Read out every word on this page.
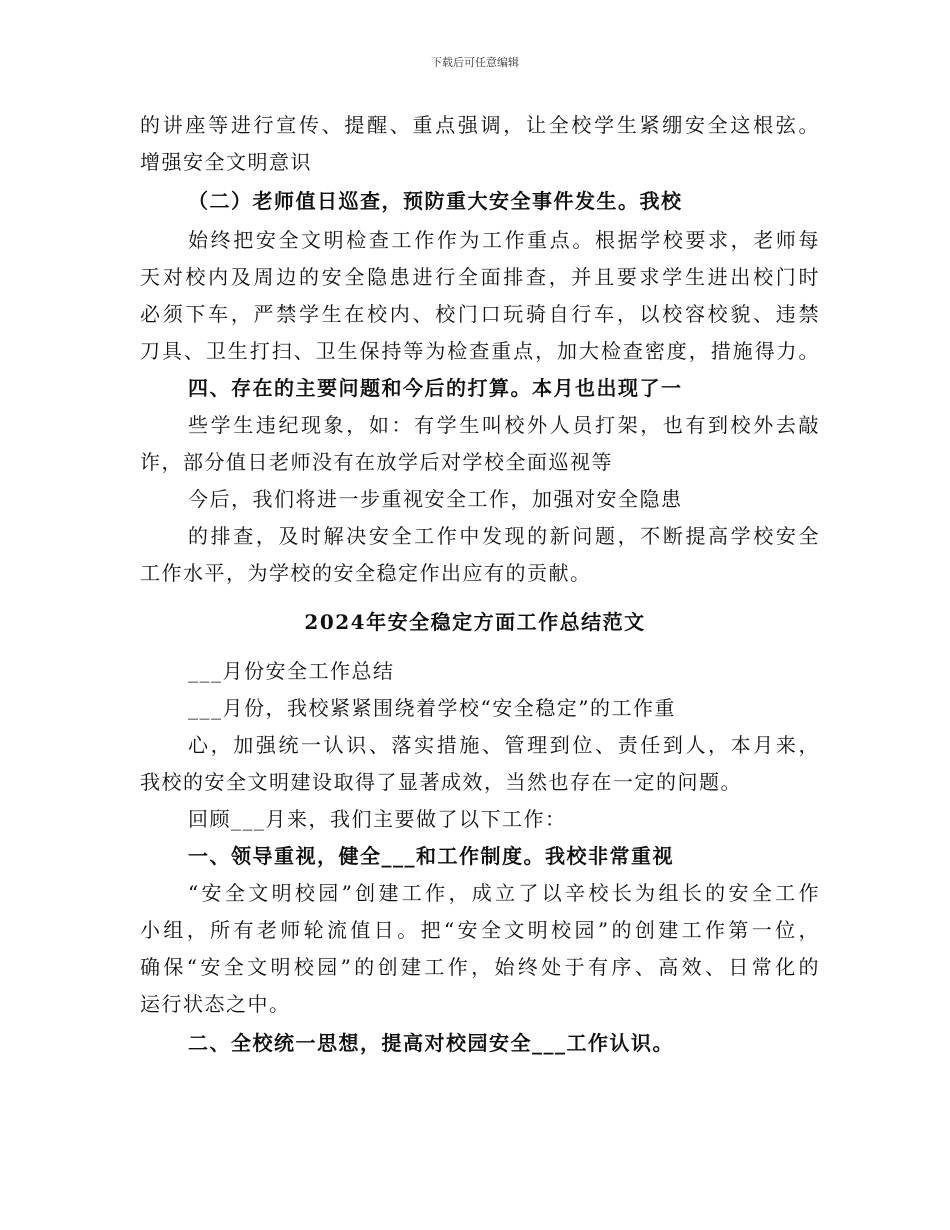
下载后可任意编辑
的讲座等进行宣传、提醒、重点强调，让全校学生紧绷安全这根弦。
增强安全文明意识
（二）老师值日巡查，预防重大安全事件发生。我校
始终把安全文明检查工作作为工作重点。根据学校要求，老师每
天对校内及周边的安全隐患进行全面排查，并且要求学生进出校门时
必须下车，严禁学生在校内、校门口玩骑自行车，以校容校貌、违禁
刀具、卫生打扫、卫生保持等为检查重点，加大检查密度，措施得力。
四、存在的主要问题和今后的打算。本月也出现了一
些学生违纪现象，如：有学生叫校外人员打架，也有到校外去敲
诈，部分值日老师没有在放学后对学校全面巡视等
今后，我们将进一步重视安全工作，加强对安全隐患
的排查，及时解决安全工作中发现的新问题，不断提高学校安全
工作水平，为学校的安全稳定作出应有的贡献。
2024年安全稳定方面工作总结范文
___月份安全工作总结
___月份，我校紧紧围绕着学校“安全稳定”的工作重
心，加强统一认识、落实措施、管理到位、责任到人，本月来，
我校的安全文明建设取得了显著成效，当然也存在一定的问题。
回顾___月来，我们主要做了以下工作：
一、领导重视，健全___和工作制度。我校非常重视
“安全文明校园”创建工作，成立了以辛校长为组长的安全工作
小组，所有老师轮流值日。把“安全文明校园”的创建工作第一位，
确保“安全文明校园”的创建工作，始终处于有序、高效、日常化的
运行状态之中。
二、全校统一思想，提高对校园安全___工作认识。
